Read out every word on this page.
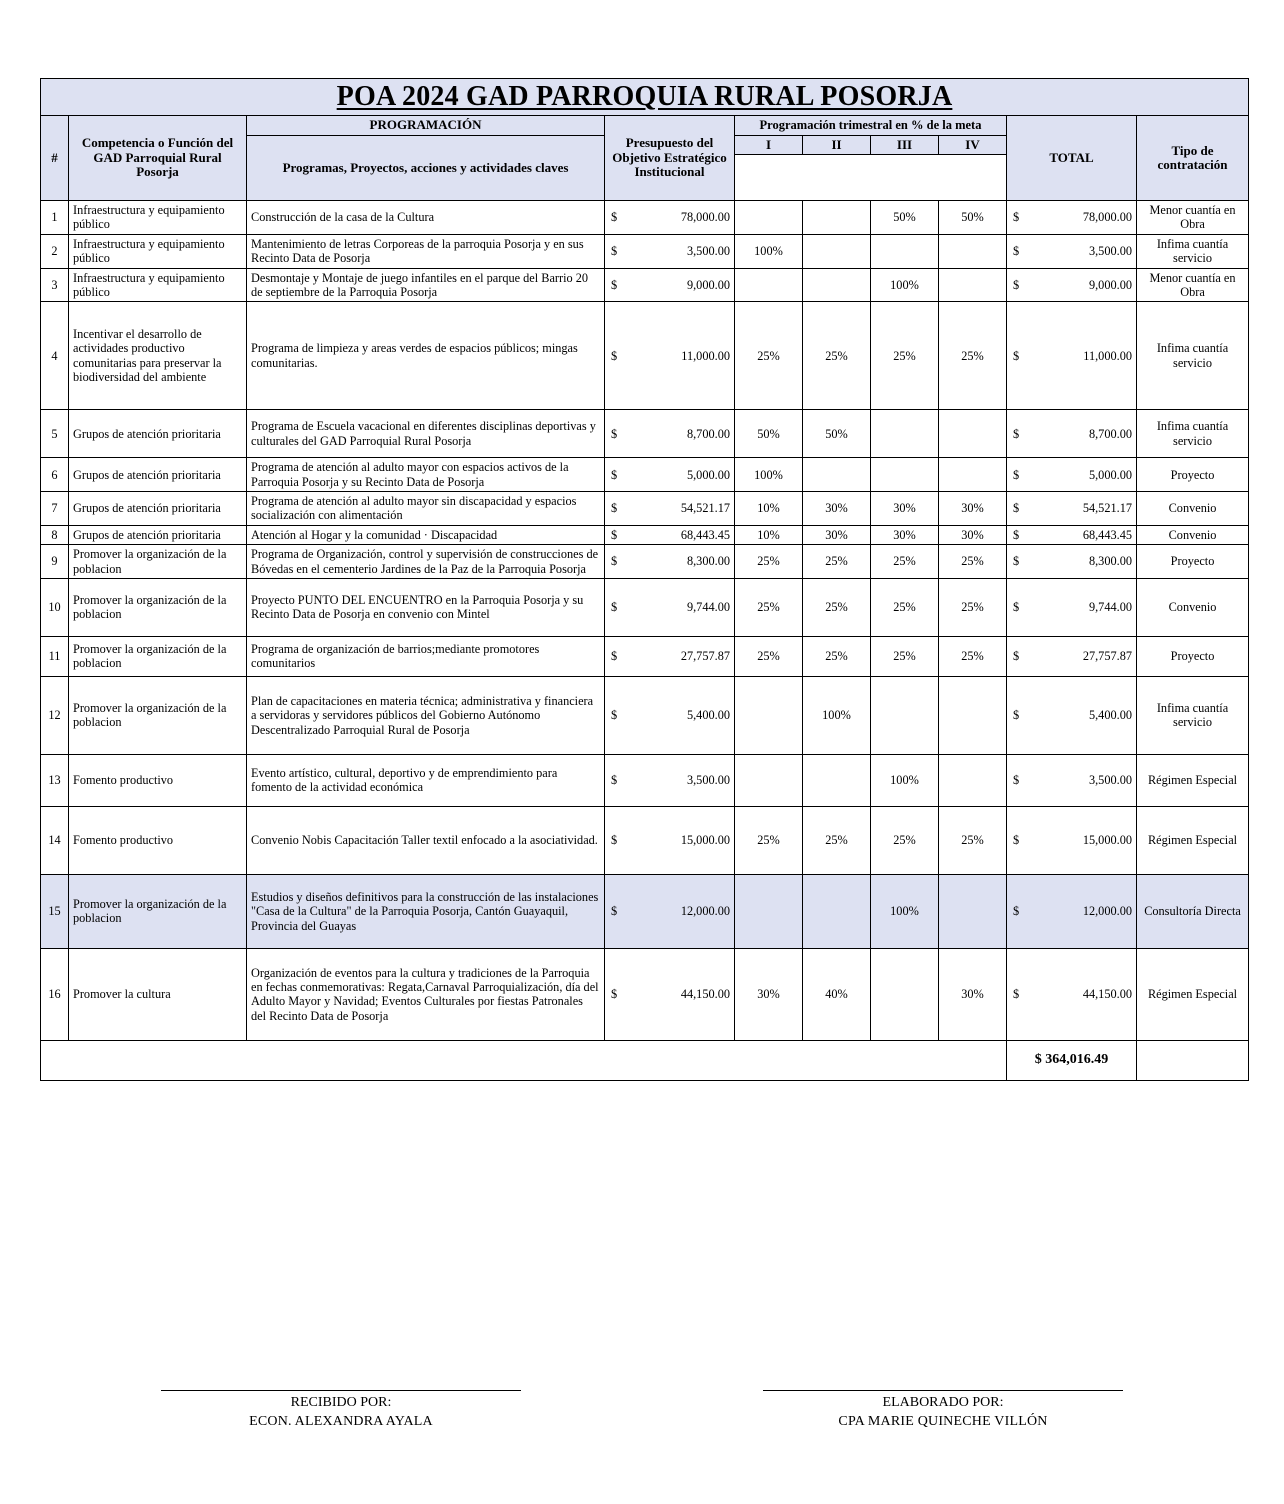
POA 2024 GAD PARROQUIA RURAL POSORJA									
#	Competencia o Función del GAD Parroquial Rural Posorja	PROGRAMACIÓN	Presupuesto del Objetivo Estratégico Institucional	Programación trimestral en % de la meta				TOTAL	Tipo de contratación
		Programas, Proyectos, acciones y actividades claves		I	II	III	IV		

1	Infraestructura y equipamiento público	Construcción de la casa de la Cultura	$ 78,000.00			50%	50%	$ 78,000.00	Menor cuantía en Obra
2	Infraestructura y equipamiento público	Mantenimiento de letras Corporeas de la parroquia Posorja y en sus Recinto Data de Posorja	$ 3,500.00	100%				$ 3,500.00	Infima cuantía servicio
3	Infraestructura y equipamiento público	Desmontaje y Montaje de juego infantiles en el parque del Barrio 20 de septiembre de la Parroquia Posorja	$ 9,000.00			100%		$ 9,000.00	Menor cuantía en Obra
4	Incentivar el desarrollo de actividades productivo comunitarias para preservar la biodiversidad del ambiente	Programa de limpieza y areas verdes de espacios públicos; mingas comunitarias.	$ 11,000.00	25%	25%	25%	25%	$ 11,000.00	Infima cuantía servicio
5	Grupos de atención prioritaria	Programa de Escuela vacacional en diferentes disciplinas deportivas y culturales del GAD Parroquial Rural Posorja	$ 8,700.00	50%	50%			$ 8,700.00	Infima cuantía servicio
6	Grupos de atención prioritaria	Programa de atención al adulto mayor con espacios activos de la Parroquia Posorja y su Recinto Data de Posorja	$ 5,000.00	100%				$ 5,000.00	Proyecto
7	Grupos de atención prioritaria	Programa de atención al adulto mayor sin discapacidad y espacios socialización con alimentación	$ 54,521.17	10%	30%	30%	30%	$ 54,521.17	Convenio
8	Grupos de atención prioritaria	Atención al Hogar y la comunidad · Discapacidad	$ 68,443.45	10%	30%	30%	30%	$ 68,443.45	Convenio
9	Promover la organización de la poblacion	Programa de Organización, control y supervisión de construcciones de Bóvedas en el cementerio Jardines de la Paz de la Parroquia Posorja	$ 8,300.00	25%	25%	25%	25%	$ 8,300.00	Proyecto
10	Promover la organización de la poblacion	Proyecto PUNTO DEL ENCUENTRO en la Parroquia Posorja y su Recinto Data de Posorja en convenio con Mintel	$ 9,744.00	25%	25%	25%	25%	$ 9,744.00	Convenio
11	Promover la organización de la poblacion	Programa de organización de barrios;mediante promotores comunitarios	$ 27,757.87	25%	25%	25%	25%	$ 27,757.87	Proyecto
12	Promover la organización de la poblacion	Plan de capacitaciones en materia técnica; administrativa y financiera a servidoras y servidores públicos del Gobierno Autónomo Descentralizado Parroquial Rural de Posorja	$ 5,400.00		100%			$ 5,400.00	Infima cuantía servicio
13	Fomento productivo	Evento artístico, cultural, deportivo y de emprendimiento para fomento de la actividad económica	$ 3,500.00			100%		$ 3,500.00	Régimen Especial
14	Fomento productivo	Convenio Nobis Capacitación Taller textil enfocado a la asociatividad.	$ 15,000.00	25%	25%	25%	25%	$ 15,000.00	Régimen Especial
15	Promover la organización de la poblacion	Estudios y diseños definitivos para la construcción de las instalaciones "Casa de la Cultura" de la Parroquia Posorja, Cantón Guayaquil, Provincia del Guayas	$ 12,000.00			100%		$ 12,000.00	Consultoría Directa
16	Promover la cultura	Organización de eventos para la cultura y tradiciones de la Parroquia en fechas conmemorativas: Regata,Carnaval Parroquialización, día del Adulto Mayor y Navidad; Eventos Culturales por fiestas Patronales del Recinto Data de Posorja	$ 44,150.00	30%	40%		30%	$ 44,150.00	Régimen Especial
								$ 364,016.49	
RECIBIDO POR:
ECON. ALEXANDRA AYALA
ELABORADO POR:
CPA MARIE QUINECHE VILLÓN
